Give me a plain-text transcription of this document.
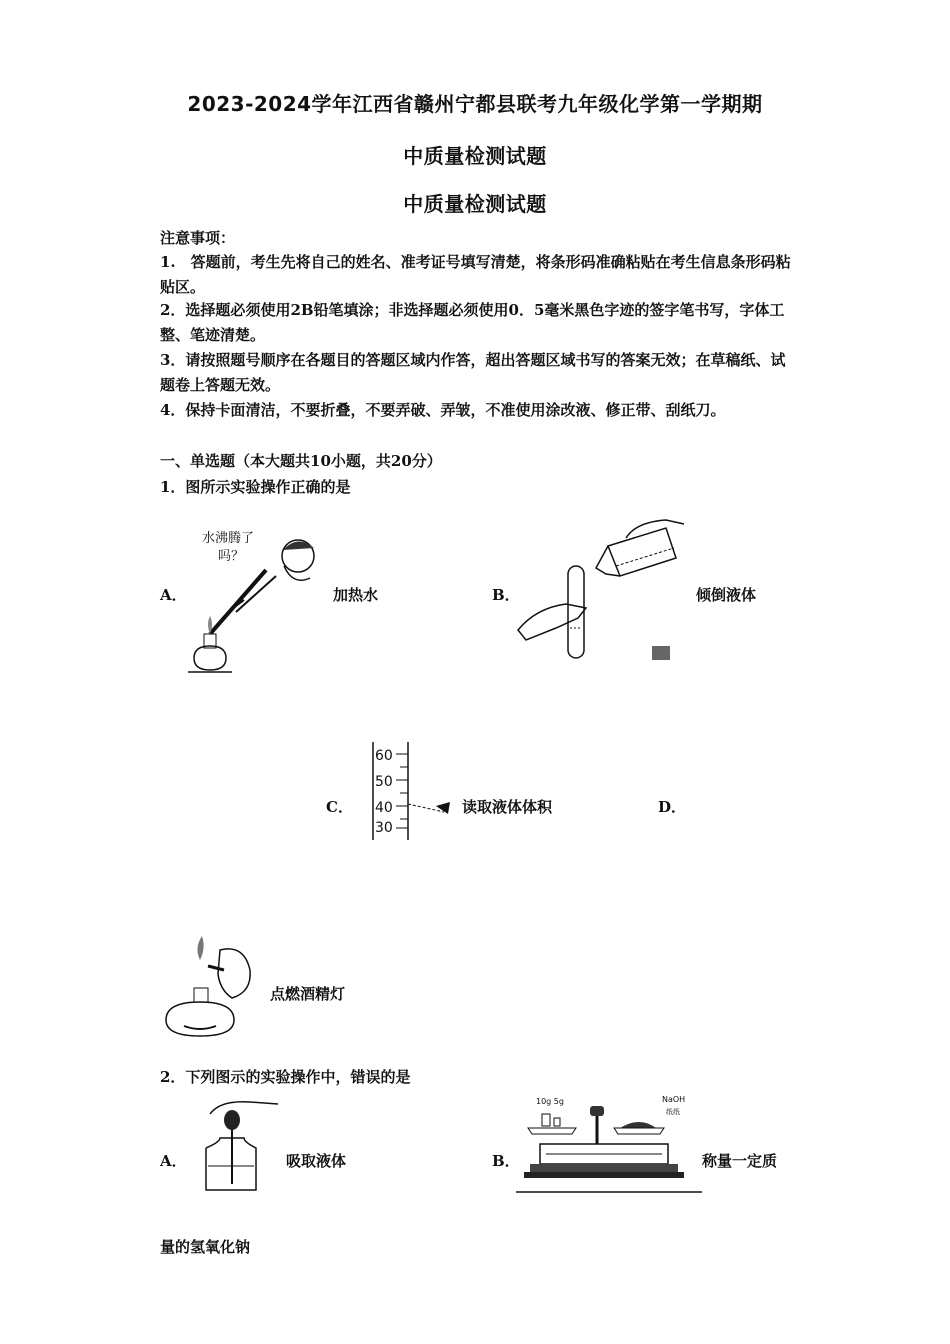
2023-2024学年江西省赣州宁都县联考九年级化学第一学期期
中质量检测试题
中质量检测试题
注意事项：
1.　答题前，考生先将自己的姓名、准考证号填写清楚，将条形码准确粘贴在考生信息条形码粘贴区。
2．选择题必须使用2B铅笔填涂；非选择题必须使用0．5毫米黑色字迹的签字笔书写，字体工整、笔迹清楚。
3．请按照题号顺序在各题目的答题区域内作答，超出答题区域书写的答案无效；在草稿纸、试题卷上答题无效。
4．保持卡面清洁，不要折叠，不要弄破、弄皱，不准使用涂改液、修正带、刮纸刀。
一、单选题（本大题共10小题，共20分）
1．图所示实验操作正确的是
A．
水沸腾了
吗？
加热水	B．	倾倒液体
C．
60
50
40
30
读取液体体积	D．
点燃酒精灯
2．下列图示的实验操作中，错误的是
A．	吸取液体	B．
10g 5g	NaOH
纸纸
称量一定质
量的氢氧化钠
